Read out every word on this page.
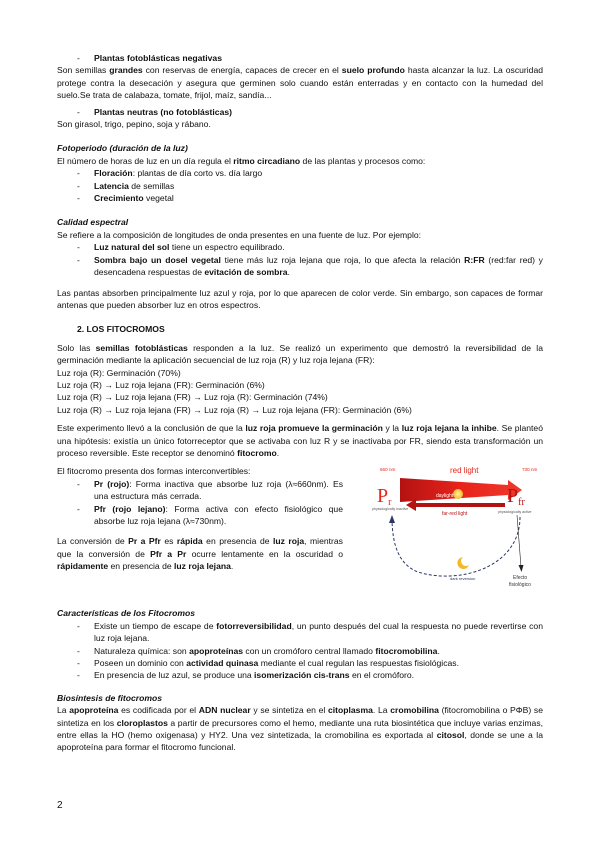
- Plantas fotoblásticas negativas

Son semillas grandes con reservas de energía, capaces de crecer en el suelo profundo hasta alcanzar la luz. La oscuridad protege contra la desecación y asegura que germinen solo cuando están enterradas y en contacto con la humedad del suelo.Se trata de calabaza, tomate, frijol, maíz, sandía...

- Plantas neutras (no fotoblásticas)

Son girasol, trigo, pepino, soja y rábano.

Fotoperiodo (duración de la luz)

El número de horas de luz en un día regula el ritmo circadiano de las plantas y procesos como:

- Floración: plantas de día corto vs. día largo

- Latencia de semillas

- Crecimiento vegetal

Calidad espectral

Se refiere a la composición de longitudes de onda presentes en una fuente de luz. Por ejemplo:

- Luz natural del sol tiene un espectro equilibrado.

- Sombra bajo un dosel vegetal tiene más luz roja lejana que roja, lo que afecta la relación R:FR (red:far red) y desencadena respuestas de evitación de sombra.

Las pantas absorben principalmente luz azul y roja, por lo que aparecen de color verde. Sin embargo, son capaces de formar antenas que pueden absorber luz en otros espectros.

2. LOS FITOCROMOS

Solo las semillas fotoblásticas responden a la luz. Se realizó un experimento que demostró la reversibilidad de la germinación mediante la aplicación secuencial de luz roja (R) y luz roja lejana (FR):

Luz roja (R): Germinación (70%)

Luz roja (R) → Luz roja lejana (FR): Germinación (6%)

Luz roja (R) → Luz roja lejana (FR) → Luz roja (R): Germinación (74%)

Luz roja (R) → Luz roja lejana (FR) → Luz roja (R) → Luz roja lejana (FR): Germinación (6%)

Este experimento llevó a la conclusión de que la luz roja promueve la germinación y la luz roja lejana la inhibe. Se planteó una hipótesis: existía un único fotorreceptor que se activaba con luz R y se inactivaba por FR, siendo esta transformación un proceso reversible. Este receptor se denominó fitocromo.

El fitocromo presenta dos formas interconvertibles:

- Pr (rojo): Forma inactiva que absorbe luz roja (λ≈660nm). Es una estructura más cerrada.

- Pfr (rojo lejano): Forma activa con efecto fisiológico que absorbe luz roja lejana (λ≈730nm).

La conversión de Pr a Pfr es rápida en presencia de luz roja, mientras que la conversión de Pfr a Pr ocurre lentamente en la oscuridad o rápidamente en presencia de luz roja lejana.

660 nm	730 nm
red light
daylight
far-red light
Pr	Pfr
physiologically inactive
physiologically active
dark reversion	Efecto
fisiológico

Características de los Fitocromos

- Existe un tiempo de escape de fotorreversibilidad, un punto después del cual la respuesta no puede revertirse con luz roja lejana.

- Naturaleza química: son apoproteínas con un cromóforo central llamado fitocromobilina.

- Poseen un dominio con actividad quinasa mediante el cual regulan las respuestas fisiológicas.

- En presencia de luz azul, se produce una isomerización cis-trans en el cromóforo.

Biosíntesis de fitocromos

La apoproteína es codificada por el ADN nuclear y se sintetiza en el citoplasma. La cromobilina (fitocromobilina o PΦB) se sintetiza en los cloroplastos a partir de precursores como el hemo, mediante una ruta biosintética que incluye varias enzimas, entre ellas la HO (hemo oxigenasa) y HY2. Una vez sintetizada, la cromobilina es exportada al citosol, donde se une a la apoproteína para formar el fitocromo funcional.

2
